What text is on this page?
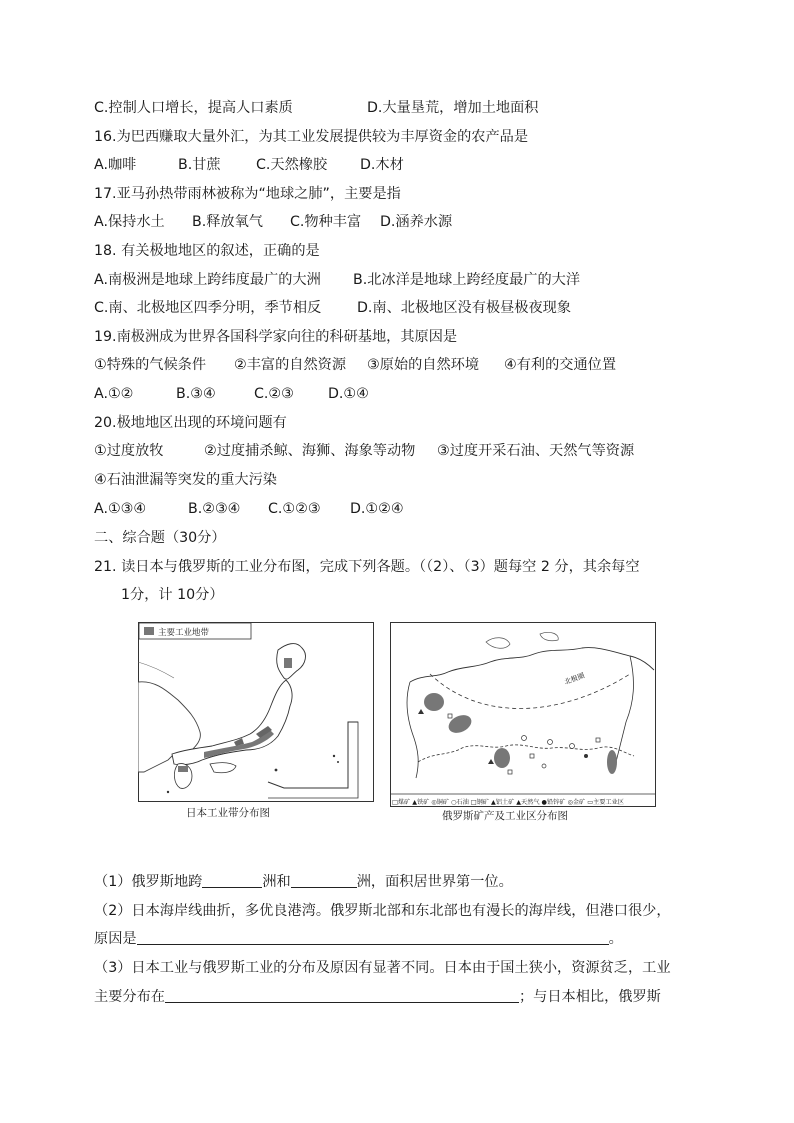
C.控制人口增长，提高人口素质	D.大量垦荒，增加土地面积
16.为巴西赚取大量外汇，为其工业发展提供较为丰厚资金的农产品是
A.咖啡	B.甘蔗 C.天然橡胶 D.木材
17.亚马孙热带雨林被称为“地球之肺”，主要是指
A.保持水土 B.释放氧气 C.物种丰富 D.涵养水源
18. 有关极地地区的叙述，正确的是
A.南极洲是地球上跨纬度最广的大洲 B.北冰洋是地球上跨经度最广的大洋
C.南、北极地区四季分明，季节相反	D.南、北极地区没有极昼极夜现象
19.南极洲成为世界各国科学家向往的科研基地，其原因是
①特殊的气候条件 ②丰富的自然资源 ③原始的自然环境 ④有利的交通位置
A.①②	B.③④	C.②③ D.①④
20.极地地区出现的环境问题有
①过度放牧	②过度捕杀鲸、海狮、海象等动物 ③过度开采石油、天然气等资源
④石油泄漏等突发的重大污染
A.①③④	B.②③④ C.①②③ D.①②④
二、综合题（30分）
21. 读日本与俄罗斯的工业分布图，完成下列各题。（（2）、（3）题每空 2 分，其余每空
1分，计 10分）
主要工业地带
日本工业带分布图
北极圈
□煤矿 ▲铁矿 ◎铜矿 ○石油 □钢矿 ▲铝土矿 ▲天然气 ●铅锌矿 ◎金矿 ▭主要工业区
俄罗斯矿产及工业区分布图
（1）俄罗斯地跨	洲和	洲，面积居世界第一位。
（2）日本海岸线曲折，多优良港湾。俄罗斯北部和东北部也有漫长的海岸线，但港口很少，
原因是	。
（3）日本工业与俄罗斯工业的分布及原因有显著不同。日本由于国土狭小，资源贫乏，工业
主要分布在	；与日本相比，俄罗斯
